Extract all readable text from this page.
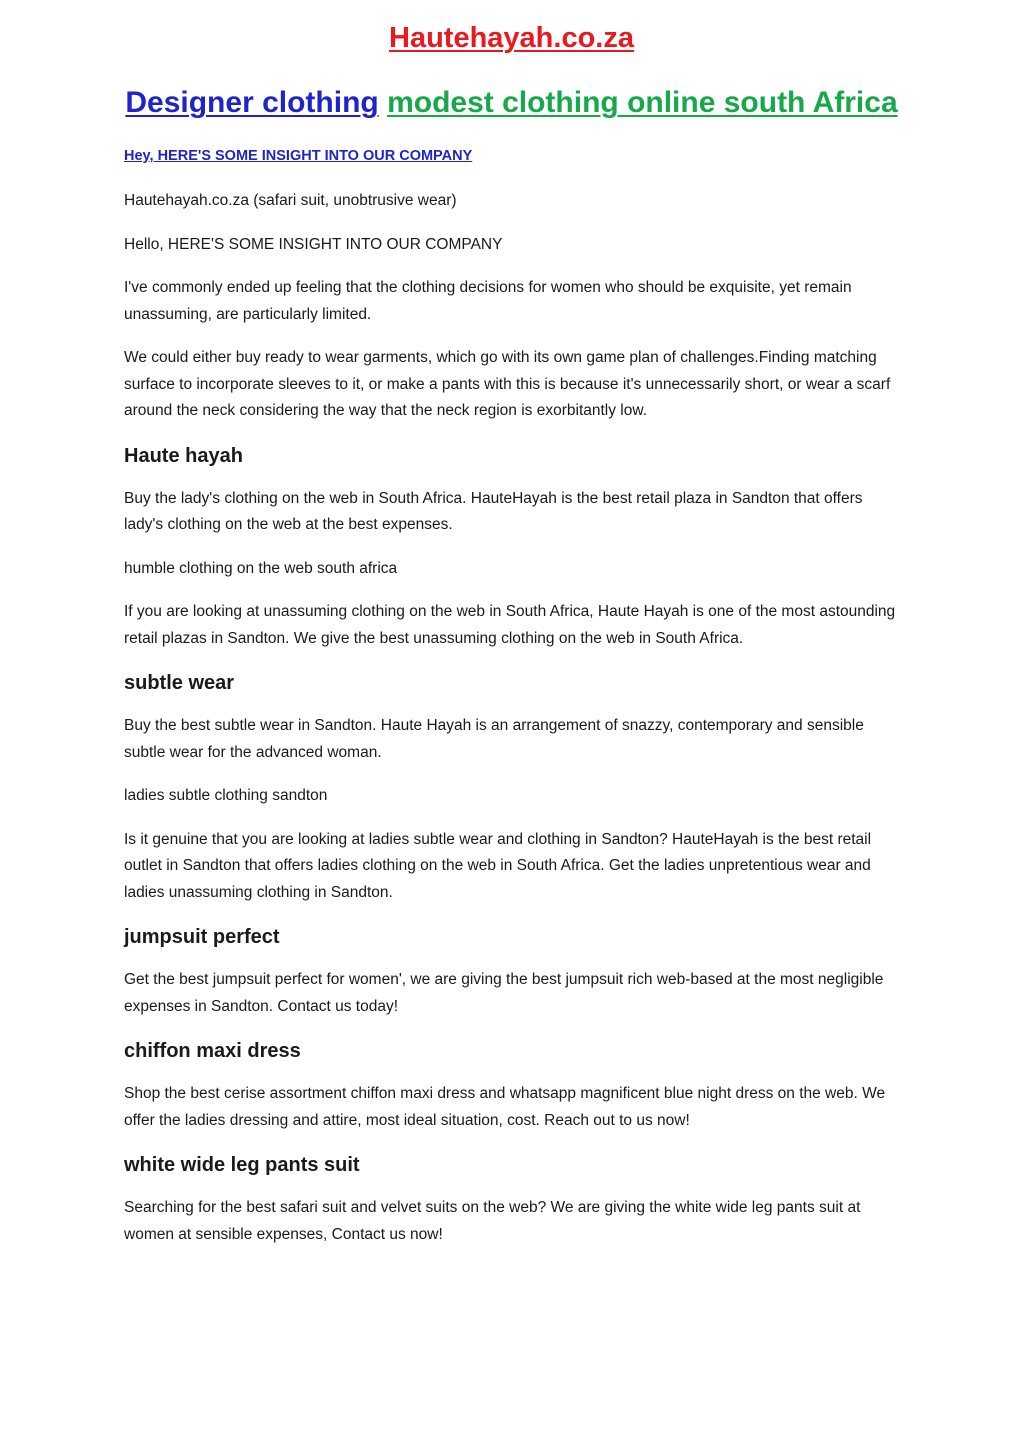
Hautehayah.co.za
Designer clothing modest clothing online south Africa
Hey, HERE'S SOME INSIGHT INTO OUR COMPANY

Hautehayah.co.za (safari suit, unobtrusive wear)

Hello, HERE'S SOME INSIGHT INTO OUR COMPANY

I've commonly ended up feeling that the clothing decisions for women who should be exquisite, yet remain unassuming, are particularly limited.

We could either buy ready to wear garments, which go with its own game plan of challenges.Finding matching surface to incorporate sleeves to it, or make a pants with this is because it's unnecessarily short, or wear a scarf around the neck considering the way that the neck region is exorbitantly low.

Haute hayah

Buy the lady's clothing on the web in South Africa. HauteHayah is the best retail plaza in Sandton that offers lady's clothing on the web at the best expenses.

humble clothing on the web south africa

If you are looking at unassuming clothing on the web in South Africa, Haute Hayah is one of the most astounding retail plazas in Sandton. We give the best unassuming clothing on the web in South Africa.

subtle wear

Buy the best subtle wear in Sandton. Haute Hayah is an arrangement of snazzy, contemporary and sensible subtle wear for the advanced woman.

ladies subtle clothing sandton

Is it genuine that you are looking at ladies subtle wear and clothing in Sandton? HauteHayah is the best retail outlet in Sandton that offers ladies clothing on the web in South Africa. Get the ladies unpretentious wear and ladies unassuming clothing in Sandton.

jumpsuit perfect

Get the best jumpsuit perfect for women', we are giving the best jumpsuit rich web-based at the most negligible expenses in Sandton. Contact us today!

chiffon maxi dress

Shop the best cerise assortment chiffon maxi dress and whatsapp magnificent blue night dress on the web. We offer the ladies dressing and attire, most ideal situation, cost. Reach out to us now!

white wide leg pants suit

Searching for the best safari suit and velvet suits on the web? We are giving the white wide leg pants suit at women at sensible expenses, Contact us now!
